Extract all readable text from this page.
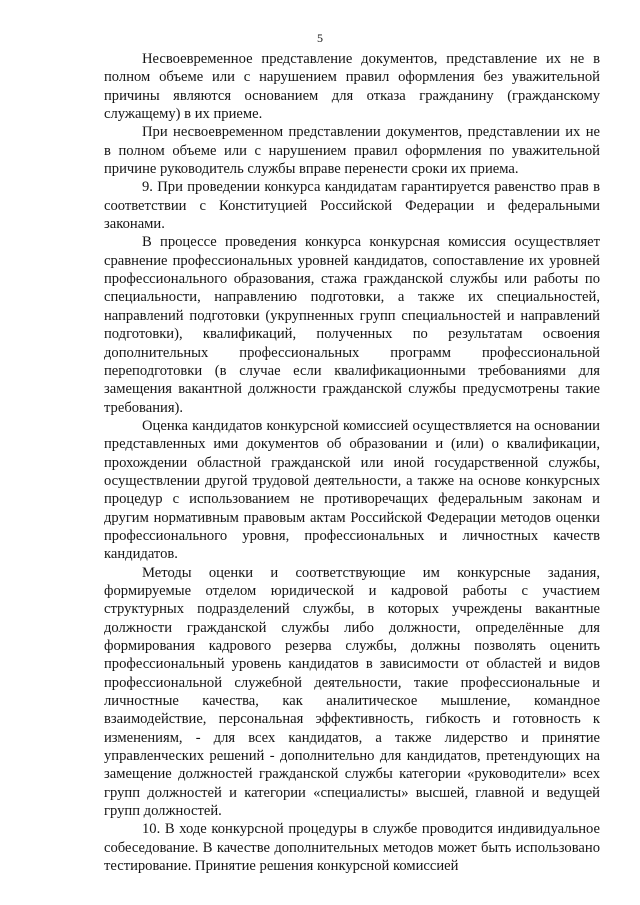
5

Несвоевременное представление документов, представление их не в полном объеме или с нарушением правил оформления без уважительной причины являются основанием для отказа гражданину (гражданскому служащему) в их приеме.

При несвоевременном представлении документов, представлении их не в полном объеме или с нарушением правил оформления по уважительной причине руководитель службы вправе перенести сроки их приема.

9. При проведении конкурса кандидатам гарантируется равенство прав в соответствии с Конституцией Российской Федерации и федеральными законами.

В процессе проведения конкурса конкурсная комиссия осуществляет сравнение профессиональных уровней кандидатов, сопоставление их уровней профессионального образования, стажа гражданской службы или работы по специальности, направлению подготовки, а также их специальностей, направлений подготовки (укрупненных групп специальностей и направлений подготовки), квалификаций, полученных по результатам освоения дополнительных профессиональных программ профессиональной переподготовки (в случае если квалификационными требованиями для замещения вакантной должности гражданской службы предусмотрены такие требования).

Оценка кандидатов конкурсной комиссией осуществляется на основании представленных ими документов об образовании и (или) о квалификации, прохождении областной гражданской или иной государственной службы, осуществлении другой трудовой деятельности, а также на основе конкурсных процедур с использованием не противоречащих федеральным законам и другим нормативным правовым актам Российской Федерации методов оценки профессионального уровня, профессиональных и личностных качеств кандидатов.

Методы оценки и соответствующие им конкурсные задания, формируемые отделом юридической и кадровой работы с участием структурных подразделений службы, в которых учреждены вакантные должности гражданской службы либо должности, определённые для формирования кадрового резерва службы, должны позволять оценить профессиональный уровень кандидатов в зависимости от областей и видов профессиональной служебной деятельности, такие профессиональные и личностные качества, как аналитическое мышление, командное взаимодействие, персональная эффективность, гибкость и готовность к изменениям, - для всех кандидатов, а также лидерство и принятие управленческих решений - дополнительно для кандидатов, претендующих на замещение должностей гражданской службы категории «руководители» всех групп должностей и категории «специалисты» высшей, главной и ведущей групп должностей.

10. В ходе конкурсной процедуры в службе проводится индивидуальное собеседование. В качестве дополнительных методов может быть использовано тестирование. Принятие решения конкурсной комиссией
